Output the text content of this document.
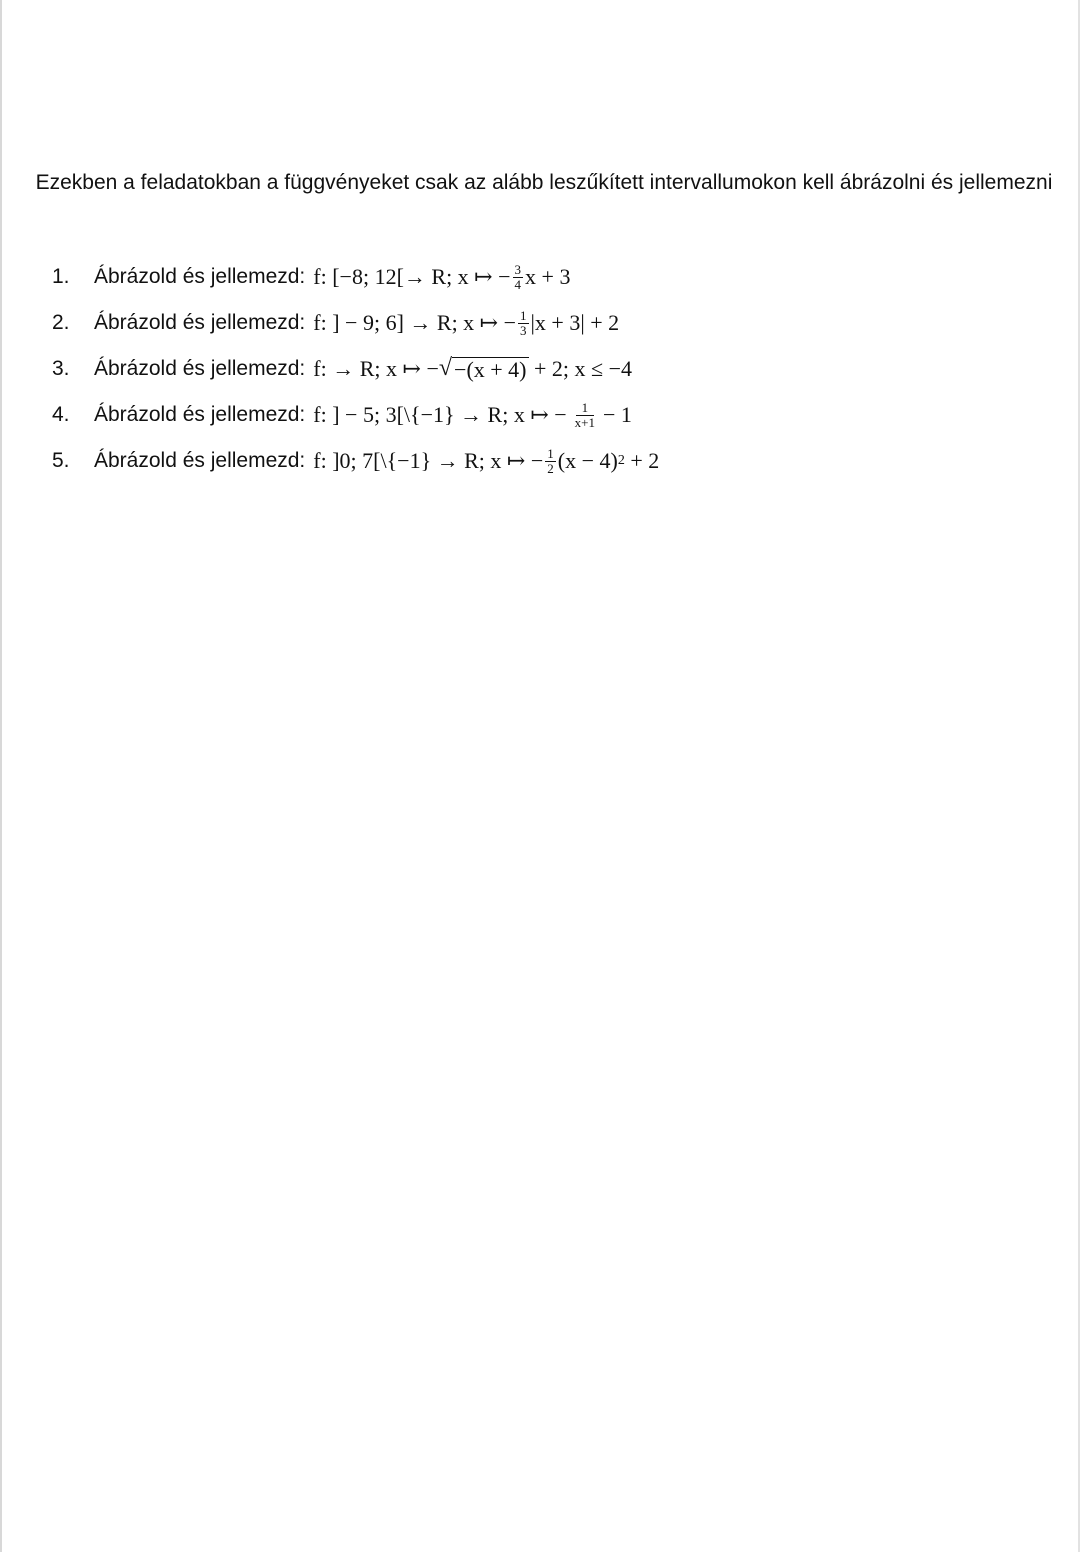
Ezekben a feladatokban a függvényeket csak az alább leszűkített intervallumokon kell ábrázolni és jellemezni
1.	Ábrázold és jellemezd: f: [−8; 12[→ R; x ↦ − $\frac{3}{4}$ x + 3
2.	Ábrázold és jellemezd: f: ] − 9; 6] → R; x ↦ − $\frac{1}{3} |x + 3| + 2$
3.	Ábrázold és jellemezd: f: → R; x ↦ − √ −(x + 4)
+ 2; x ≤ −4
4.	Ábrázold és jellemezd: f: ] − 5; 3[\{−1} → R; x ↦ − $\frac{1}{x+1} - 1$
5.	Ábrázold és jellemezd: f: ]0; 7[\{−1} → R; x ↦ − $\frac{1}{2} (x - 4)$ 2
+ 2
